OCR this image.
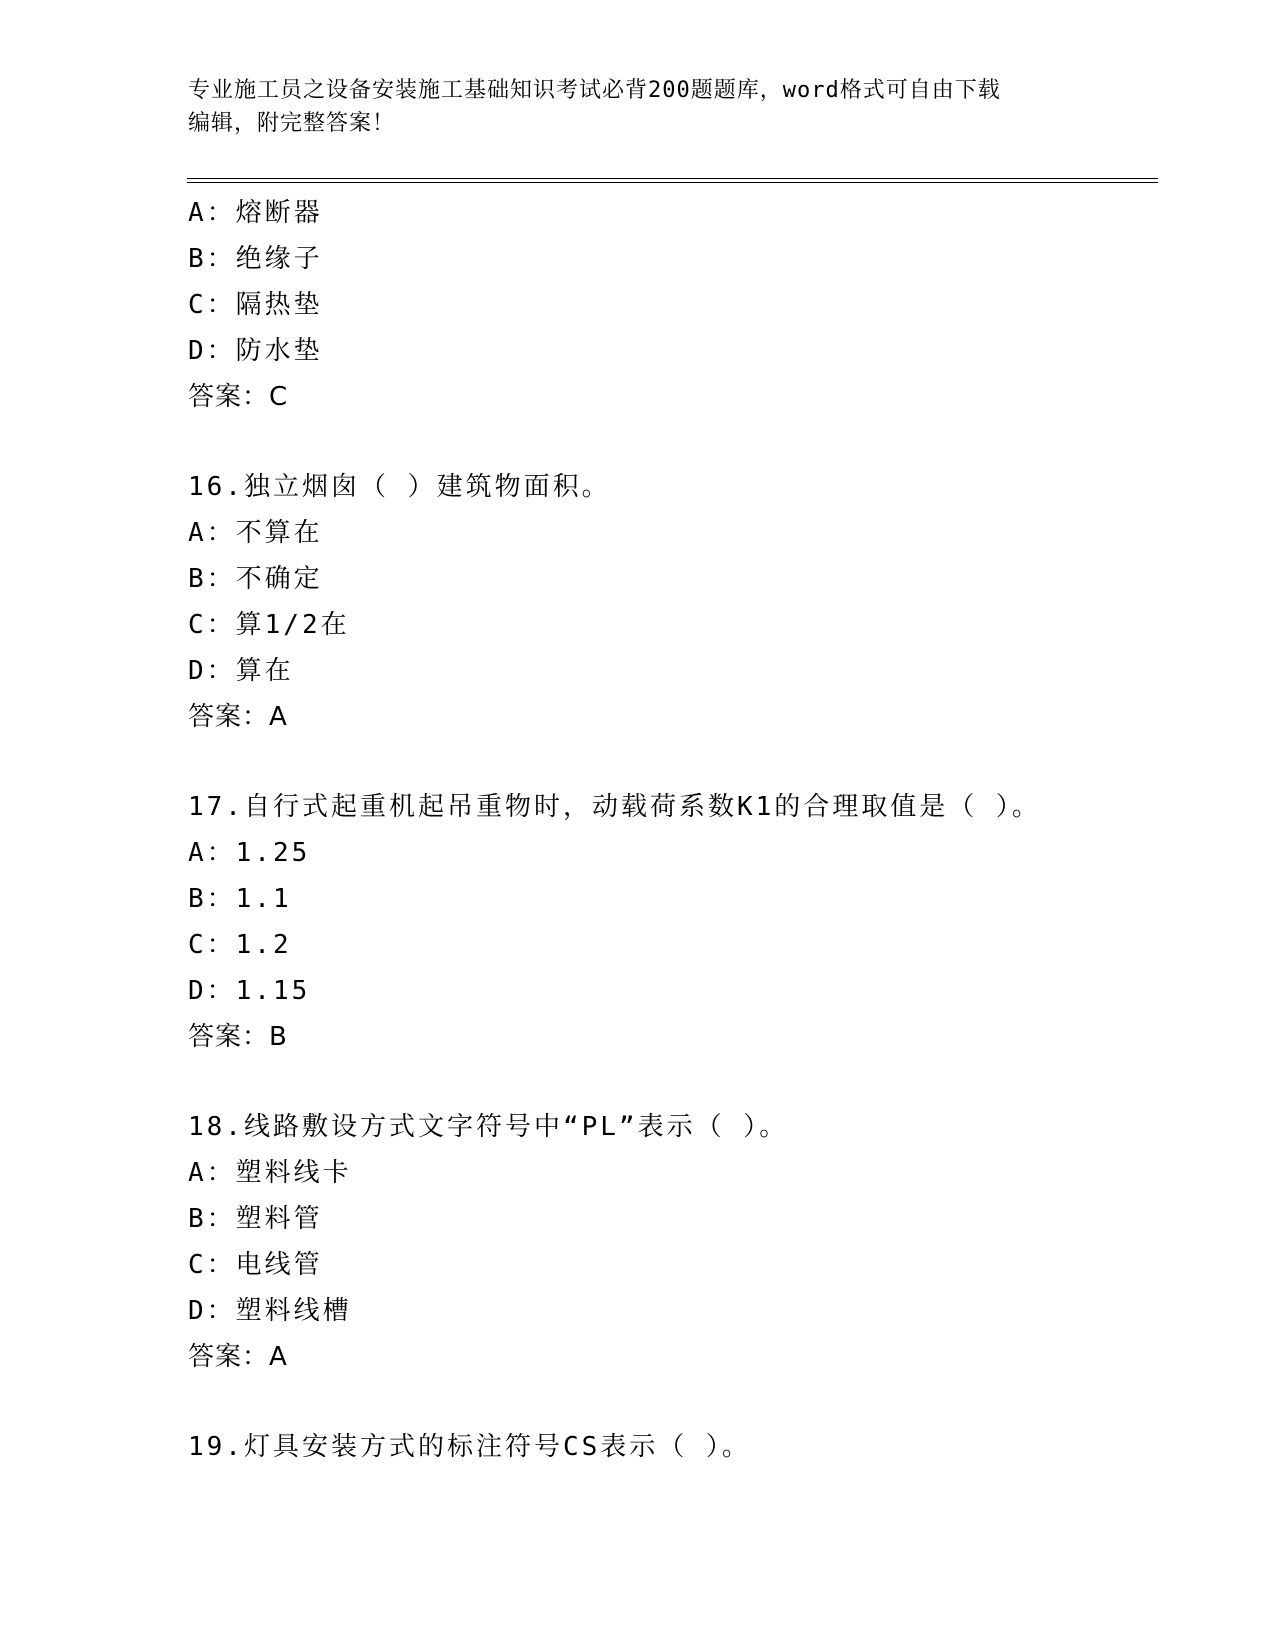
专业施工员之设备安装施工基础知识考试必背200题题库，word格式可自由下载
编辑，附完整答案！
A：熔断器
B：绝缘子
C：隔热垫
D：防水垫
答案：C
16.独立烟囱（ ）建筑物面积。
A：不算在
B：不确定
C：算1/2在
D：算在
答案：A
17.自行式起重机起吊重物时，动载荷系数K1的合理取值是（ ）。
A：1.25
B：1.1
C：1.2
D：1.15
答案：B
18.线路敷设方式文字符号中“PL”表示（ ）。
A：塑料线卡
B：塑料管
C：电线管
D：塑料线槽
答案：A
19.灯具安装方式的标注符号CS表示（ ）。
